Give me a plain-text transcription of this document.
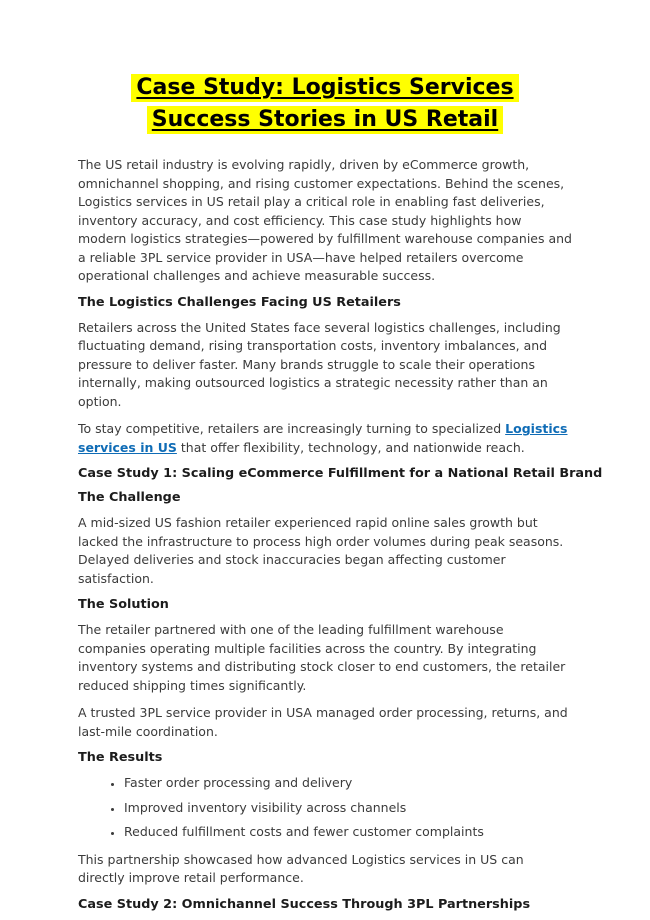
Case Study: Logistics Services
Success Stories in US Retail

The US retail industry is evolving rapidly, driven by eCommerce growth, omnichannel shopping, and rising customer expectations. Behind the scenes, Logistics services in US retail play a critical role in enabling fast deliveries, inventory accuracy, and cost efficiency. This case study highlights how modern logistics strategies—powered by fulfillment warehouse companies and a reliable 3PL service provider in USA—have helped retailers overcome operational challenges and achieve measurable success.

The Logistics Challenges Facing US Retailers

Retailers across the United States face several logistics challenges, including fluctuating demand, rising transportation costs, inventory imbalances, and pressure to deliver faster. Many brands struggle to scale their operations internally, making outsourced logistics a strategic necessity rather than an option.

To stay competitive, retailers are increasingly turning to specialized Logistics services in US that offer flexibility, technology, and nationwide reach.

Case Study 1: Scaling eCommerce Fulfillment for a National Retail Brand
The Challenge

A mid-sized US fashion retailer experienced rapid online sales growth but lacked the infrastructure to process high order volumes during peak seasons. Delayed deliveries and stock inaccuracies began affecting customer satisfaction.

The Solution

The retailer partnered with one of the leading fulfillment warehouse companies operating multiple facilities across the country. By integrating inventory systems and distributing stock closer to end customers, the retailer reduced shipping times significantly.

A trusted 3PL service provider in USA managed order processing, returns, and last-mile coordination.

The Results
• Faster order processing and delivery
• Improved inventory visibility across channels
• Reduced fulfillment costs and fewer customer complaints

This partnership showcased how advanced Logistics services in US can directly improve retail performance.

Case Study 2: Omnichannel Success Through 3PL Partnerships
